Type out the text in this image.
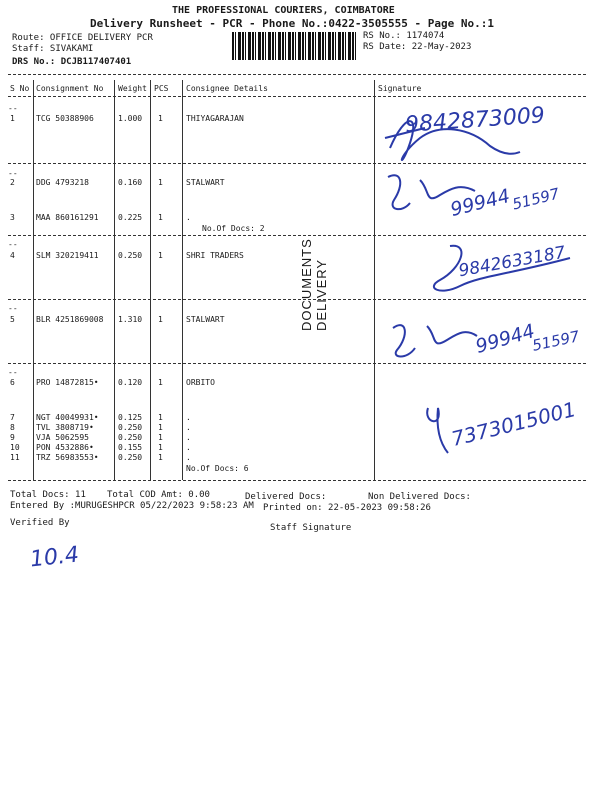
THE PROFESSIONAL COURIERS, COIMBATORE
Delivery Runsheet - PCR - Phone No.:0422-3505555 - Page No.:1
Route: OFFICE DELIVERY PCR
Staff: SIVAKAMI
DRS No.: DCJB117407401
RS No.: 1174074
RS Date: 22-May-2023
S No Consignment No Weight PCS Consignee Details	Signature
--
--
--
--
--
1	TCG 50388906	1.000 1	THIYAGARAJAN
2	DDG 4793218	0.160 1	STALWART
3	MAA 860161291 0.225 1	.
No.Of Docs: 2
4	SLM 320219411 0.250 1	SHRI TRADERS
5	BLR 4251869008 1.310 1	STALWART
6	PRO 14872815• 0.120 1	ORBITO
7	NGT 40049931• 0.125 1	.
8	TVL 3808719•	0.250 1	.
9	VJA 5062595	0.250 1	.
10 PON 4532886•	0.155 1	.
11 TRZ 56983553• 0.250 1	.
No.Of Docs: 6
DOCUMENTS DELIVERY
9842873009
99944
51597
9842633187
99944
51597
7373015001
Total Docs: 11 Total COD Amt: 0.00	Delivered Docs:	Non Delivered Docs:
Entered By :MURUGESHPCR 05/22/2023 9:58:23 AM Printed on: 22-05-2023 09:58:26
Verified By	Staff Signature
10.4
